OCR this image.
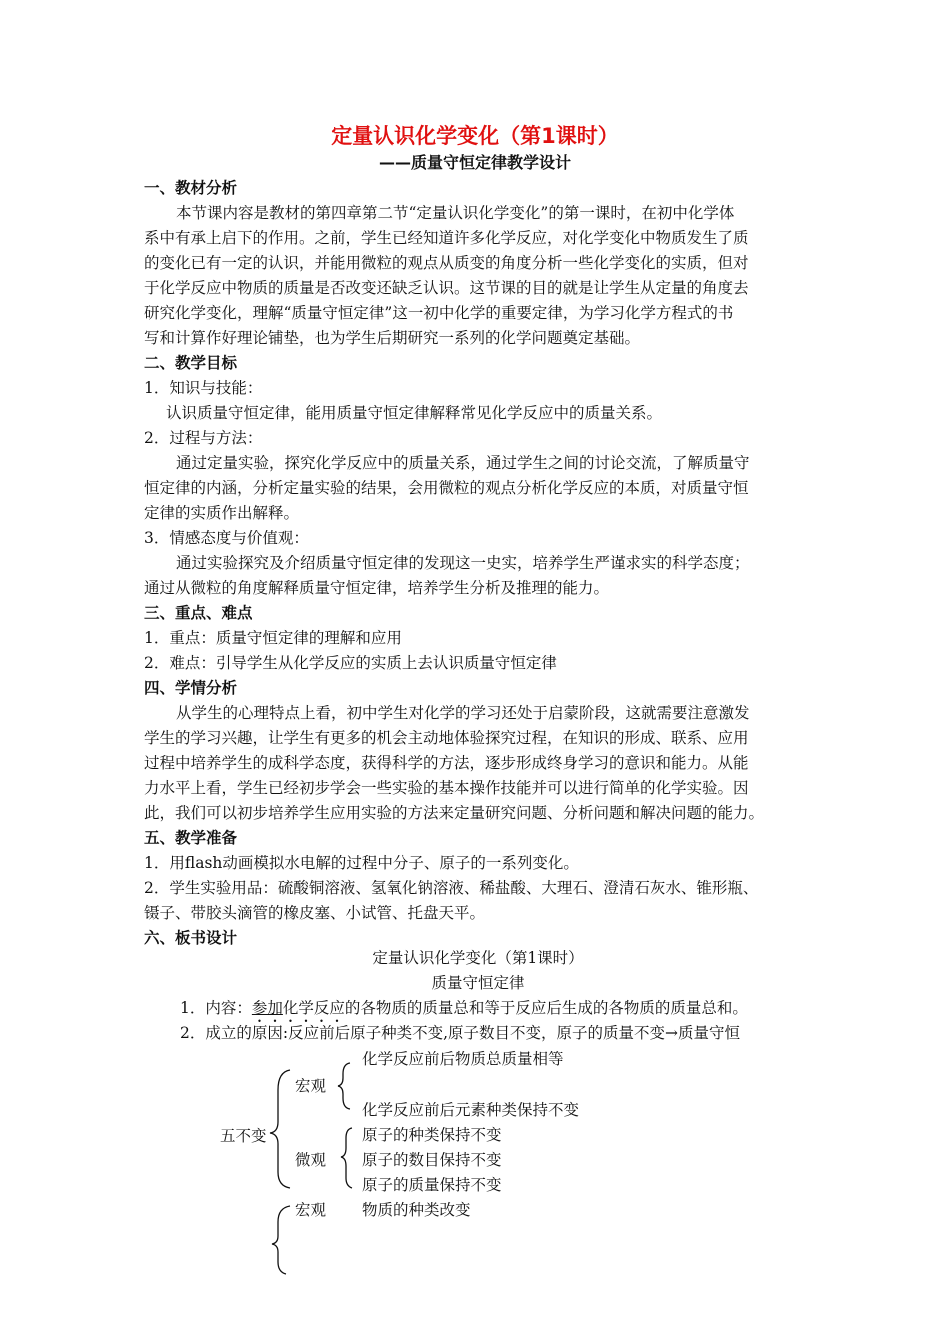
定量认识化学变化（第1课时）
——质量守恒定律教学设计
一、教材分析
本节课内容是教材的第四章第二节“定量认识化学变化”的第一课时，在初中化学体
系中有承上启下的作用。之前，学生已经知道许多化学反应，对化学变化中物质发生了质
的变化已有一定的认识，并能用微粒的观点从质变的角度分析一些化学变化的实质，但对
于化学反应中物质的质量是否改变还缺乏认识。这节课的目的就是让学生从定量的角度去
研究化学变化，理解“质量守恒定律”这一初中化学的重要定律，为学习化学方程式的书
写和计算作好理论铺垫，也为学生后期研究一系列的化学问题奠定基础。
二、教学目标
1．知识与技能：
认识质量守恒定律，能用质量守恒定律解释常见化学反应中的质量关系。
2．过程与方法：
通过定量实验，探究化学反应中的质量关系，通过学生之间的讨论交流，了解质量守
恒定律的内涵，分析定量实验的结果，会用微粒的观点分析化学反应的本质，对质量守恒
定律的实质作出解释。
3．情感态度与价值观：
通过实验探究及介绍质量守恒定律的发现这一史实，培养学生严谨求实的科学态度；
通过从微粒的角度解释质量守恒定律，培养学生分析及推理的能力。
三、重点、难点
1．重点：质量守恒定律的理解和应用
2．难点：引导学生从化学反应的实质上去认识质量守恒定律
四、学情分析
从学生的心理特点上看，初中学生对化学的学习还处于启蒙阶段，这就需要注意激发
学生的学习兴趣，让学生有更多的机会主动地体验探究过程，在知识的形成、联系、应用
过程中培养学生的成科学态度，获得科学的方法，逐步形成终身学习的意识和能力。从能
力水平上看，学生已经初步学会一些实验的基本操作技能并可以进行简单的化学实验。因
此，我们可以初步培养学生应用实验的方法来定量研究问题、分析问题和解决问题的能力。
五、教学准备
1．用flash动画模拟水电解的过程中分子、原子的一系列变化。
2．学生实验用品：硫酸铜溶液、氢氧化钠溶液、稀盐酸、大理石、澄清石灰水、锥形瓶、
镊子、带胶头滴管的橡皮塞、小试管、托盘天平。
六、板书设计
定量认识化学变化（第1课时）
质量守恒定律
1．内容：参加化学反应的各物质的质量总和等于反应后生成的各物质的质量总和。
2．成立的原因:反应前后原子种类不变,原子数目不变，原子的质量不变→质量守恒
五不变
宏观
微观
宏观
化学反应前后物质总质量相等
化学反应前后元素种类保持不变
原子的种类保持不变
原子的数目保持不变
原子的质量保持不变
物质的种类改变
